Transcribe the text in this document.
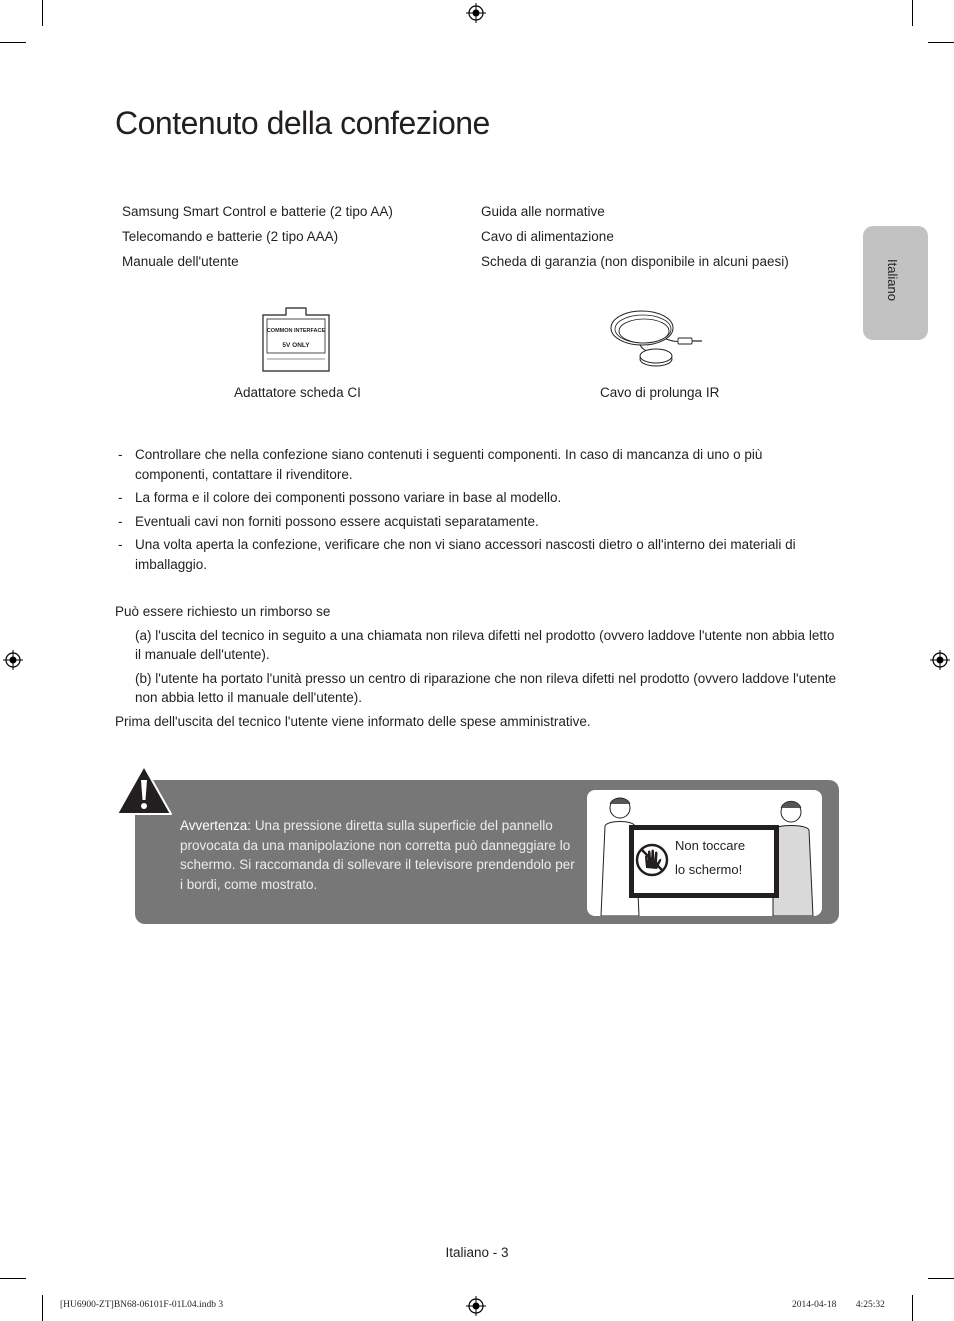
Contenuto della confezione
Italiano
Samsung Smart Control e batterie (2 tipo AA)
Telecomando e batterie (2 tipo AAA)
Manuale dell'utente
Guida alle normative
Cavo di alimentazione
Scheda di garanzia (non disponibile in alcuni paesi)
COMMON INTERFACE
5V ONLY
Adattatore scheda CI	Cavo di prolunga IR
- Controllare che nella confezione siano contenuti i seguenti componenti. In caso di mancanza di uno o più componenti, contattare il rivenditore.
- La forma e il colore dei componenti possono variare in base al modello.
- Eventuali cavi non forniti possono essere acquistati separatamente.
- Una volta aperta la confezione, verificare che non vi siano accessori nascosti dietro o all'interno dei materiali di imballaggio.

Può essere richiesto un rimborso se

(a) l'uscita del tecnico in seguito a una chiamata non rileva difetti nel prodotto (ovvero laddove l'utente non abbia letto il manuale dell'utente).

(b) l'utente ha portato l'unità presso un centro di riparazione che non rileva difetti nel prodotto (ovvero laddove l'utente non abbia letto il manuale dell'utente).

Prima dell'uscita del tecnico l'utente viene informato delle spese amministrative.

Avvertenza: Una pressione diretta sulla superficie del pannello provocata da una manipolazione non corretta può danneggiare lo schermo. Si raccomanda di sollevare il televisore prendendolo per i bordi, come mostrato.
Non toccare
lo schermo!
Italiano - 3
[HU6900-ZT]BN68-06101F-01L04.indb 3	2014-04-18 ￿￿ 4:25:32
